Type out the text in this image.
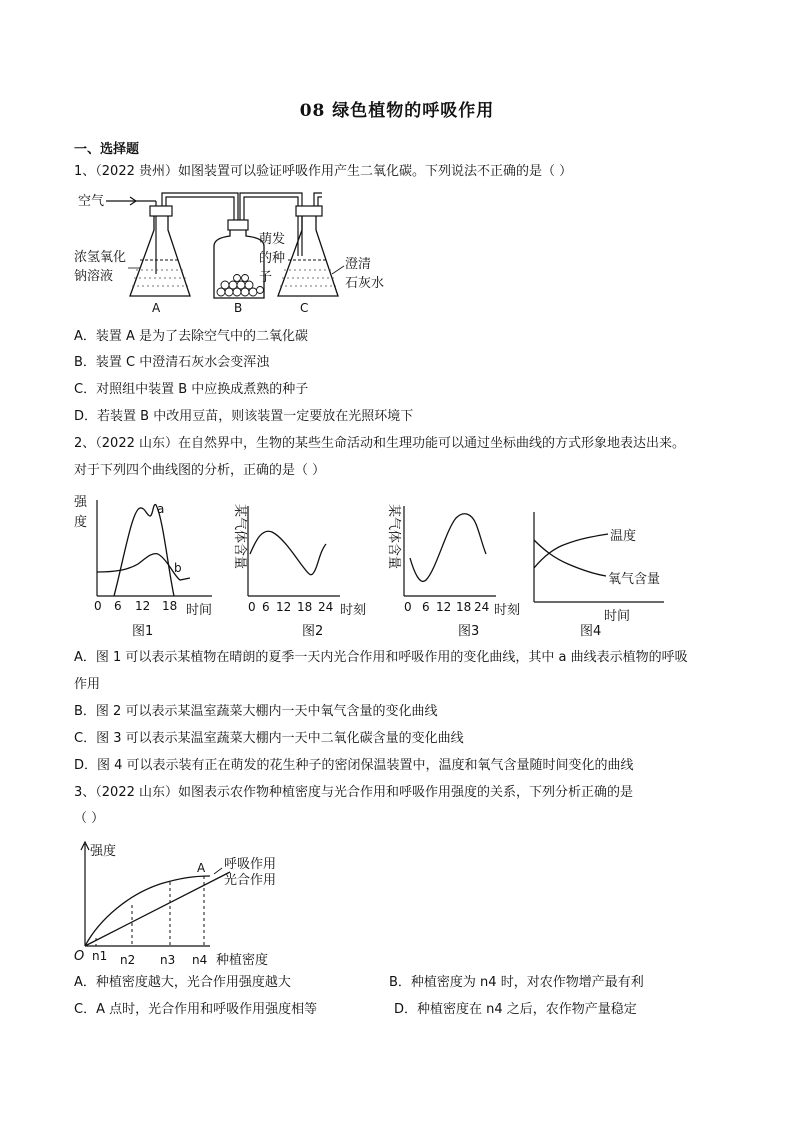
08 绿色植物的呼吸作用
一、选择题
1、（2022 贵州）如图装置可以验证呼吸作用产生二氧化碳。下列说法不正确的是（ ）
空气
A
浓氢氧化
钠溶液
B
萌发
的种
子
C
澄清
石灰水
A．装置 A 是为了去除空气中的二氧化碳
B．装置 C 中澄清石灰水会变浑浊
C．对照组中装置 B 中应换成煮熟的种子
D．若装置 B 中改用豆苗，则该装置一定要放在光照环境下
2、（2022 山东）在自然界中，生物的某些生命活动和生理功能可以通过坐标曲线的方式形象地表达出来。
对于下列四个曲线图的分析，正确的是（ ）
强
度
a
b
0 6 12 18 时间
图1
某气体含量
0 6 12 18 24 时刻
图2
某气体含量
0 6 12 18 24 时刻
图3
温度
氧气含量
时间
图4
A．图 1 可以表示某植物在晴朗的夏季一天内光合作用和呼吸作用的变化曲线，其中 a 曲线表示植物的呼吸
作用
B．图 2 可以表示某温室蔬菜大棚内一天中氧气含量的变化曲线
C．图 3 可以表示某温室蔬菜大棚内一天中二氧化碳含量的变化曲线
D．图 4 可以表示装有正在萌发的花生种子的密闭保温装置中，温度和氧气含量随时间变化的曲线
3、（2022 山东）如图表示农作物种植密度与光合作用和呼吸作用强度的关系，下列分析正确的是
（ ）
强度
A 呼吸作用
光合作用
O n1 n2 n3 n4 种植密度
A．种植密度越大，光合作用强度越大	B．种植密度为 n4 时，对农作物增产最有利
C．A 点时，光合作用和呼吸作用强度相等	D．种植密度在 n4 之后，农作物产量稳定
